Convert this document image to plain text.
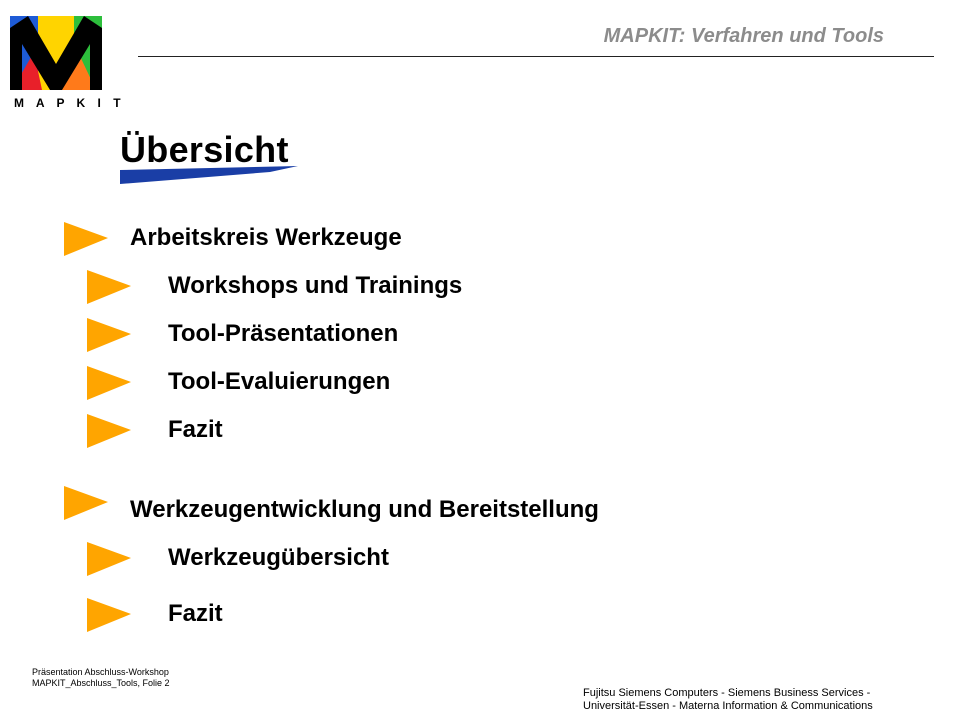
M A P K I T
MAPKIT: Verfahren und Tools
Übersicht
Arbeitskreis Werkzeuge
Workshops und Trainings
Tool-Präsentationen
Tool-Evaluierungen
Fazit
Werkzeugentwicklung und Bereitstellung
Werkzeugübersicht
Fazit
Präsentation Abschluss-Workshop
MAPKIT_Abschluss_Tools, Folie 2
Fujitsu Siemens Computers - Siemens Business Services -
Universität-Essen - Materna Information & Communications
